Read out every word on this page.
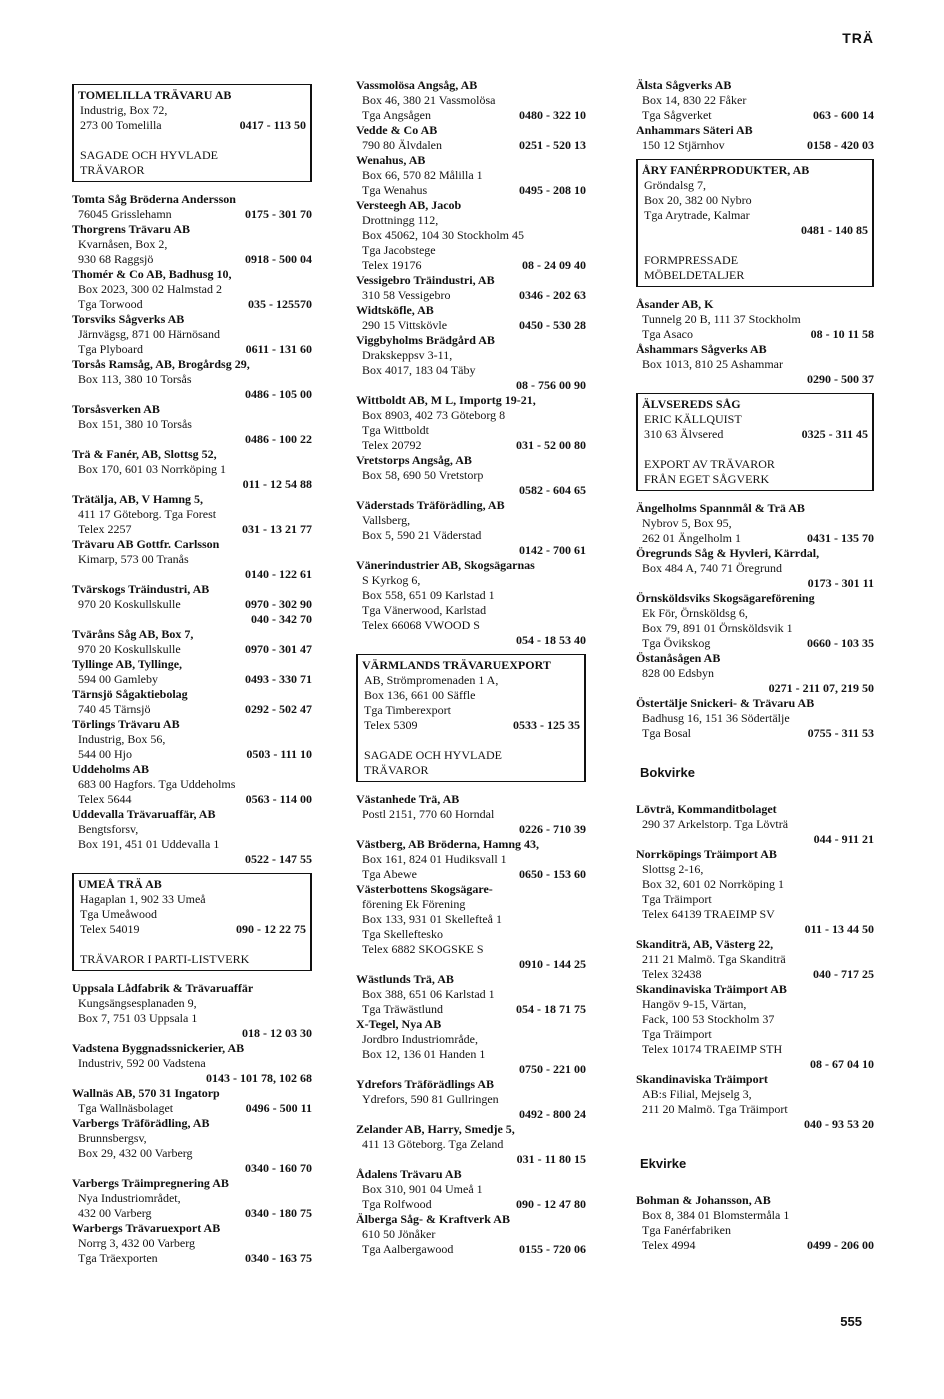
TRÄ
TOMELILLA TRÄVARU AB
Industrig, Box 72,
273 00 Tomelilla	0417 - 113 50
SAGADE OCH HYVLADE
TRÄVAROR
Tomta Såg Bröderna Andersson
76045 Grisslehamn	0175 - 301 70
Thorgrens Trävaru AB
Kvarnåsen, Box 2,
930 68 Raggsjö	0918 - 500 04
Thomér & Co AB, Badhusg 10,
Box 2023, 300 02 Halmstad 2
Tga Torwood	035 - 125570
Torsviks Sågverks AB
Järnvägsg, 871 00 Härnösand
Tga Plyboard	0611 - 131 60
Torsås Ramsåg, AB, Brogårdsg 29,
Box 113, 380 10 Torsås
0486 - 105 00
Torsåsverken AB
Box 151, 380 10 Torsås
0486 - 100 22
Trä & Fanér, AB, Slottsg 52,
Box 170, 601 03 Norrköping 1
011 - 12 54 88
Trätälja, AB, V Hamng 5,
411 17 Göteborg. Tga Forest
Telex 2257	031 - 13 21 77
Trävaru AB Gottfr. Carlsson
Kimarp, 573 00 Tranås
0140 - 122 61
Tvärskogs Träindustri, AB
970 20 Koskullskulle	0970 - 302 90
040 - 342 70
Tväråns Såg AB, Box 7,
970 20 Koskullskulle	0970 - 301 47
Tyllinge AB, Tyllinge,
594 00 Gamleby	0493 - 330 71
Tärnsjö Sågaktiebolag
740 45 Tärnsjö	0292 - 502 47
Törlings Trävaru AB
Industrig, Box 56,
544 00 Hjo	0503 - 111 10
Uddeholms AB
683 00 Hagfors. Tga Uddeholms
Telex 5644	0563 - 114 00
Uddevalla Trävaruaffär, AB
Bengtsforsv,
Box 191, 451 01 Uddevalla 1
0522 - 147 55
UMEÅ TRÄ AB
Hagaplan 1, 902 33 Umeå
Tga Umeåwood
Telex 54019	090 - 12 22 75
TRÄVAROR I PARTI-LISTVERK
Uppsala Lådfabrik & Trävaruaffär
Kungsängsesplanaden 9,
Box 7, 751 03 Uppsala 1
018 - 12 03 30
Vadstena Byggnadssnickerier, AB
Industriv, 592 00 Vadstena
0143 - 101 78, 102 68
Wallnäs AB, 570 31 Ingatorp
Tga Wallnäsbolaget	0496 - 500 11
Varbergs Träförädling, AB
Brunnsbergsv,
Box 29, 432 00 Varberg
0340 - 160 70
Varbergs Träimpregnering AB
Nya Industriområdet,
432 00 Varberg	0340 - 180 75
Warbergs Trävaruexport AB
Norrg 3, 432 00 Varberg
Tga Träexporten	0340 - 163 75
Vassmolösa Angsåg, AB
Box 46, 380 21 Vassmolösa
Tga Angsågen	0480 - 322 10
Vedde & Co AB
790 80 Älvdalen	0251 - 520 13
Wenahus, AB
Box 66, 570 82 Målilla 1
Tga Wenahus	0495 - 208 10
Versteegh AB, Jacob
Drottningg 112,
Box 45062, 104 30 Stockholm 45
Tga Jacobstege
Telex 19176	08 - 24 09 40
Vessigebro Träindustri, AB
310 58 Vessigebro	0346 - 202 63
Widtsköfle, AB
290 15 Vittskövle	0450 - 530 28
Viggbyholms Brädgård AB
Drakskeppsv 3-11,
Box 4017, 183 04 Täby
08 - 756 00 90
Wittboldt AB, M L, Importg 19-21,
Box 8903, 402 73 Göteborg 8
Tga Wittboldt
Telex 20792	031 - 52 00 80
Vretstorps Angsåg, AB
Box 58, 690 50 Vretstorp
0582 - 604 65
Väderstads Träförädling, AB
Vallsberg,
Box 5, 590 21 Väderstad
0142 - 700 61
Vänerindustrier AB, Skogsägarnas
S Kyrkog 6,
Box 558, 651 09 Karlstad 1
Tga Vänerwood, Karlstad
Telex 66068 VWOOD S
054 - 18 53 40
VÄRMLANDS TRÄVARUEXPORT
AB, Strömpromenaden 1 A,
Box 136, 661 00 Säffle
Tga Timberexport
Telex 5309	0533 - 125 35
SAGADE OCH HYVLADE
TRÄVAROR
Västanhede Trä, AB
Postl 2151, 770 60 Horndal
0226 - 710 39
Västberg, AB Bröderna, Hamng 43,
Box 161, 824 01 Hudiksvall 1
Tga Abewe	0650 - 153 60
Västerbottens Skogsägare-
förening Ek Förening
Box 133, 931 01 Skellefteå 1
Tga Skelleftesko
Telex 6882 SKOGSKE S
0910 - 144 25
Wästlunds Trä, AB
Box 388, 651 06 Karlstad 1
Tga Träwästlund	054 - 18 71 75
X-Tegel, Nya AB
Jordbro Industriområde,
Box 12, 136 01 Handen 1
0750 - 221 00
Ydrefors Träförädlings AB
Ydrefors, 590 81 Gullringen
0492 - 800 24
Zelander AB, Harry, Smedje 5,
411 13 Göteborg. Tga Zeland
031 - 11 80 15
Ådalens Trävaru AB
Box 310, 901 04 Umeå 1
Tga Rolfwood	090 - 12 47 80
Älberga Såg- & Kraftverk AB
610 50 Jönåker
Tga Aalbergawood	0155 - 720 06
Älsta Sågverks AB
Box 14, 830 22 Fåker
Tga Sågverket	063 - 600 14
Anhammars Säteri AB
150 12 Stjärnhov	0158 - 420 03
ÅRY FANÉRPRODUKTER, AB
Gröndalsg 7,
Box 20, 382 00 Nybro
Tga Arytrade, Kalmar
0481 - 140 85
FORMPRESSADE
MÖBELDETALJER
Åsander AB, K
Tunnelg 20 B, 111 37 Stockholm
Tga Asaco	08 - 10 11 58
Åshammars Sågverks AB
Box 1013, 810 25 Ashammar
0290 - 500 37
ÄLVSEREDS SÅG
ERIC KÄLLQUIST
310 63 Älvsered	0325 - 311 45
EXPORT AV TRÄVAROR
FRÅN EGET SÅGVERK
Ängelholms Spannmål & Trä AB
Nybrov 5, Box 95,
262 01 Ängelholm 1	0431 - 135 70
Öregrunds Såg & Hyvleri, Kärrdal,
Box 484 A, 740 71 Öregrund
0173 - 301 11
Örnsköldsviks Skogsägareförening
Ek För, Örnsköldsg 6,
Box 79, 891 01 Örnsköldsvik 1
Tga Övikskog	0660 - 103 35
Östanåsågen AB
828 00 Edsbyn
0271 - 211 07, 219 50
Östertälje Snickeri- & Trävaru AB
Badhusg 16, 151 36 Södertälje
Tga Bosal	0755 - 311 53
Bokvirke
Lövträ, Kommanditbolaget
290 37 Arkelstorp. Tga Lövträ
044 - 911 21
Norrköpings Träimport AB
Slottsg 2-16,
Box 32, 601 02 Norrköping 1
Tga Träimport
Telex 64139 TRAEIMP SV
011 - 13 44 50
Skanditrä, AB, Västerg 22,
211 21 Malmö. Tga Skanditrä
Telex 32438	040 - 717 25
Skandinaviska Träimport AB
Hangöv 9-15, Värtan,
Fack, 100 53 Stockholm 37
Tga Träimport
Telex 10174 TRAEIMP STH
08 - 67 04 10
Skandinaviska Träimport
AB:s Filial, Mejselg 3,
211 20 Malmö. Tga Träimport
040 - 93 53 20
Ekvirke
Bohman & Johansson, AB
Box 8, 384 01 Blomstermåla 1
Tga Fanérfabriken
Telex 4994	0499 - 206 00
555
